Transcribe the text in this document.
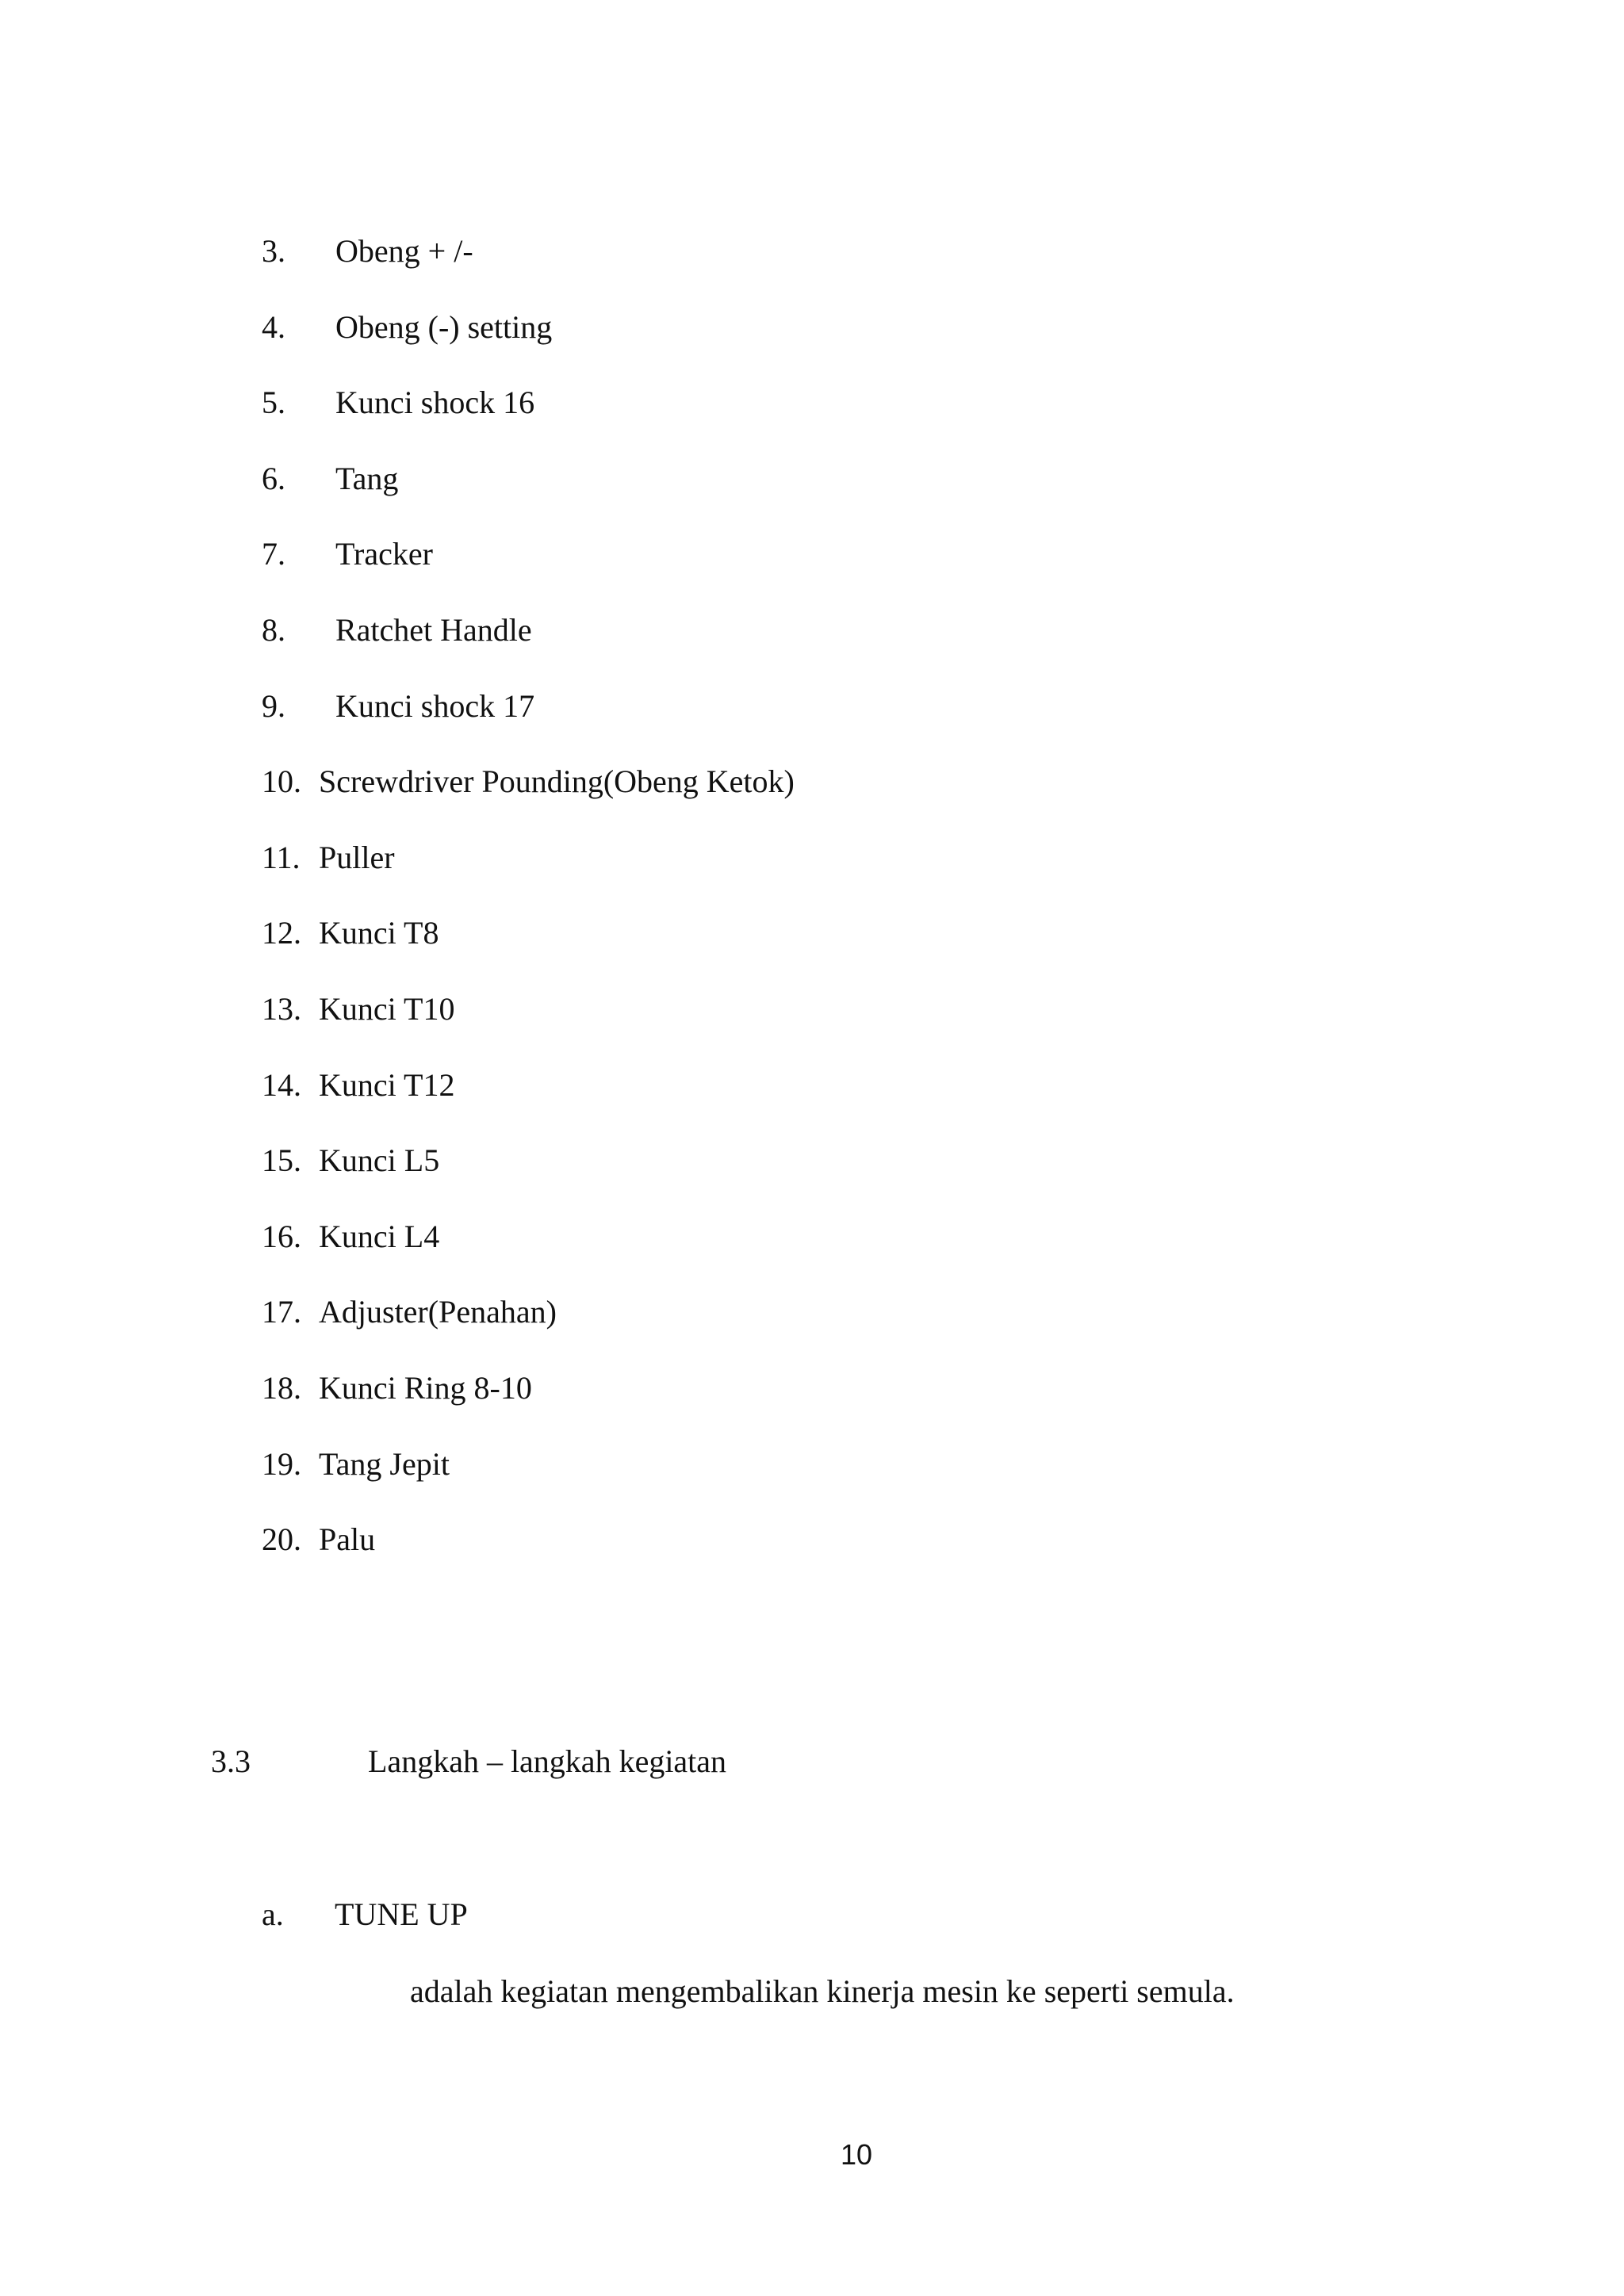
3. Obeng + /-
4. Obeng (-) setting
5. Kunci shock 16
6. Tang
7. Tracker
8. Ratchet Handle
9. Kunci shock 17
10. Screwdriver Pounding(Obeng Ketok)
11. Puller
12. Kunci T8
13. Kunci T10
14. Kunci T12
15. Kunci L5
16. Kunci L4
17. Adjuster(Penahan)
18. Kunci Ring 8-10
19. Tang Jepit
20. Palu
3.3	Langkah – langkah kegiatan
a. TUNE UP
adalah kegiatan mengembalikan kinerja mesin ke seperti semula.
10
